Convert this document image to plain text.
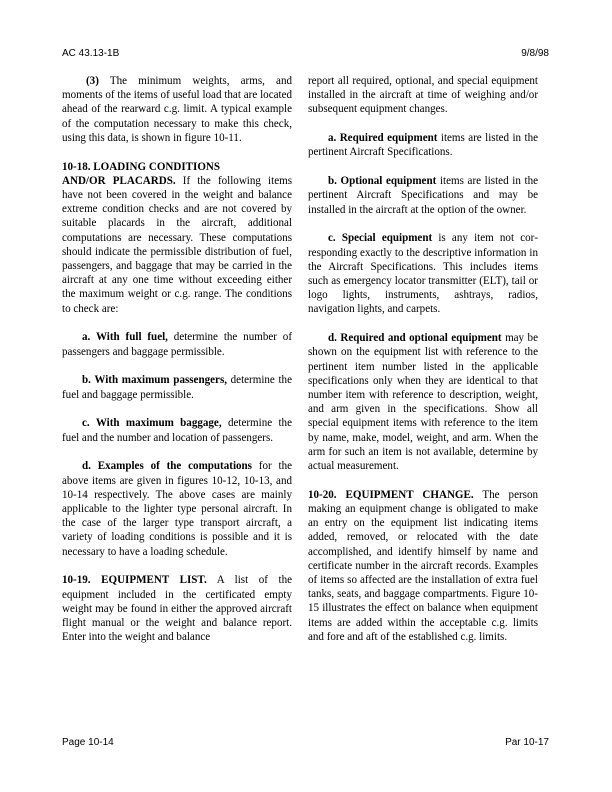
AC 43.13-1B	9/8/98

(3) The minimum weights, arms, and moments of the items of useful load that are located ahead of the rearward c.g. limit. A typical example of the computation necessary to make this check, using this data, is shown in figure 10-11.

10-18. LOADING CONDITIONS
AND/OR PLACARDS. If the following items have not been covered in the weight and balance extreme condition checks and are not covered by suitable placards in the aircraft, additional computations are necessary. These computations should indicate the permissible distribution of fuel, passengers, and baggage that may be carried in the aircraft at any one time without exceeding either the maximum weight or c.g. range. The conditions to check are:

a. With full fuel, determine the number of passengers and baggage permissible.

b. With maximum passengers, determine the fuel and baggage permissible.

c. With maximum baggage, determine the fuel and the number and location of passengers.

d. Examples of the computations for the above items are given in figures 10-12, 10-13, and 10-14 respectively. The above cases are mainly applicable to the lighter type personal aircraft. In the case of the larger type transport aircraft, a variety of loading conditions is possible and it is necessary to have a loading schedule.

10-19. EQUIPMENT LIST. A list of the equipment included in the certificated empty weight may be found in either the approved aircraft flight manual or the weight and balance report. Enter into the weight and balance

report all required, optional, and special equipment installed in the aircraft at time of weighing and/or subsequent equipment changes.

a. Required equipment items are listed in the pertinent Aircraft Specifications.

b. Optional equipment items are listed in the pertinent Aircraft Specifications and may be installed in the aircraft at the option of the owner.

c. Special equipment is any item not corresponding exactly to the descriptive information in the Aircraft Specifications. This includes items such as emergency locator transmitter (ELT), tail or logo lights, instruments, ashtrays, radios, navigation lights, and carpets.

d. Required and optional equipment may be shown on the equipment list with reference to the pertinent item number listed in the applicable specifications only when they are identical to that number item with reference to description, weight, and arm given in the specifications. Show all special equipment items with reference to the item by name, make, model, weight, and arm. When the arm for such an item is not available, determine by actual measurement.

10-20. EQUIPMENT CHANGE. The person making an equipment change is obligated to make an entry on the equipment list indicating items added, removed, or relocated with the date accomplished, and identify himself by name and certificate number in the aircraft records. Examples of items so affected are the installation of extra fuel tanks, seats, and baggage compartments. Figure 10-15 illustrates the effect on balance when equipment items are added within the acceptable c.g. limits and fore and aft of the established c.g. limits.

Page 10-14	Par 10-17
